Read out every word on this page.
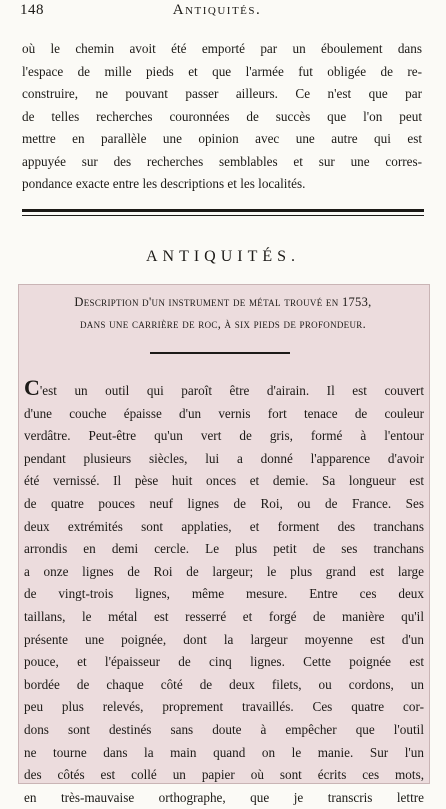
148	Antiquités.
où le chemin avoit été emporté par un éboulement dans
l'espace de mille pieds et que l'armée fut obligée de re-
construire, ne pouvant passer ailleurs. Ce n'est que par
de telles recherches couronnées de succès que l'on peut
mettre en parallèle une opinion avec une autre qui est
appuyée sur des recherches semblables et sur une corres-
pondance exacte entre les descriptions et les localités.
ANTIQUITÉS.
Description d'un instrument de métal trouvé en 1753,
dans une carrière de roc, à six pieds de profondeur.
C'est un outil qui paroît être d'airain. Il est couvert
d'une couche épaisse d'un vernis fort tenace de couleur
verdâtre. Peut-être qu'un vert de gris, formé à l'entour
pendant plusieurs siècles, lui a donné l'apparence d'avoir
été vernissé. Il pèse huit onces et demie. Sa longueur est
de quatre pouces neuf lignes de Roi, ou de France. Ses
deux extrémités sont applaties, et forment des tranchans
arrondis en demi cercle. Le plus petit de ses tranchans
a onze lignes de Roi de largeur; le plus grand est large
de vingt-trois lignes, même mesure. Entre ces deux
taillans, le métal est resserré et forgé de manière qu'il
présente une poignée, dont la largeur moyenne est d'un
pouce, et l'épaisseur de cinq lignes. Cette poignée est
bordée de chaque côté de deux filets, ou cordons, un
peu plus relevés, proprement travaillés. Ces quatre cor-
dons sont destinés sans doute à empêcher que l'outil
ne tourne dans la main quand on le manie. Sur l'un
des côtés est collé un papier où sont écrits ces mots,
en très-mauvaise orthographe, que je transcris lettre
